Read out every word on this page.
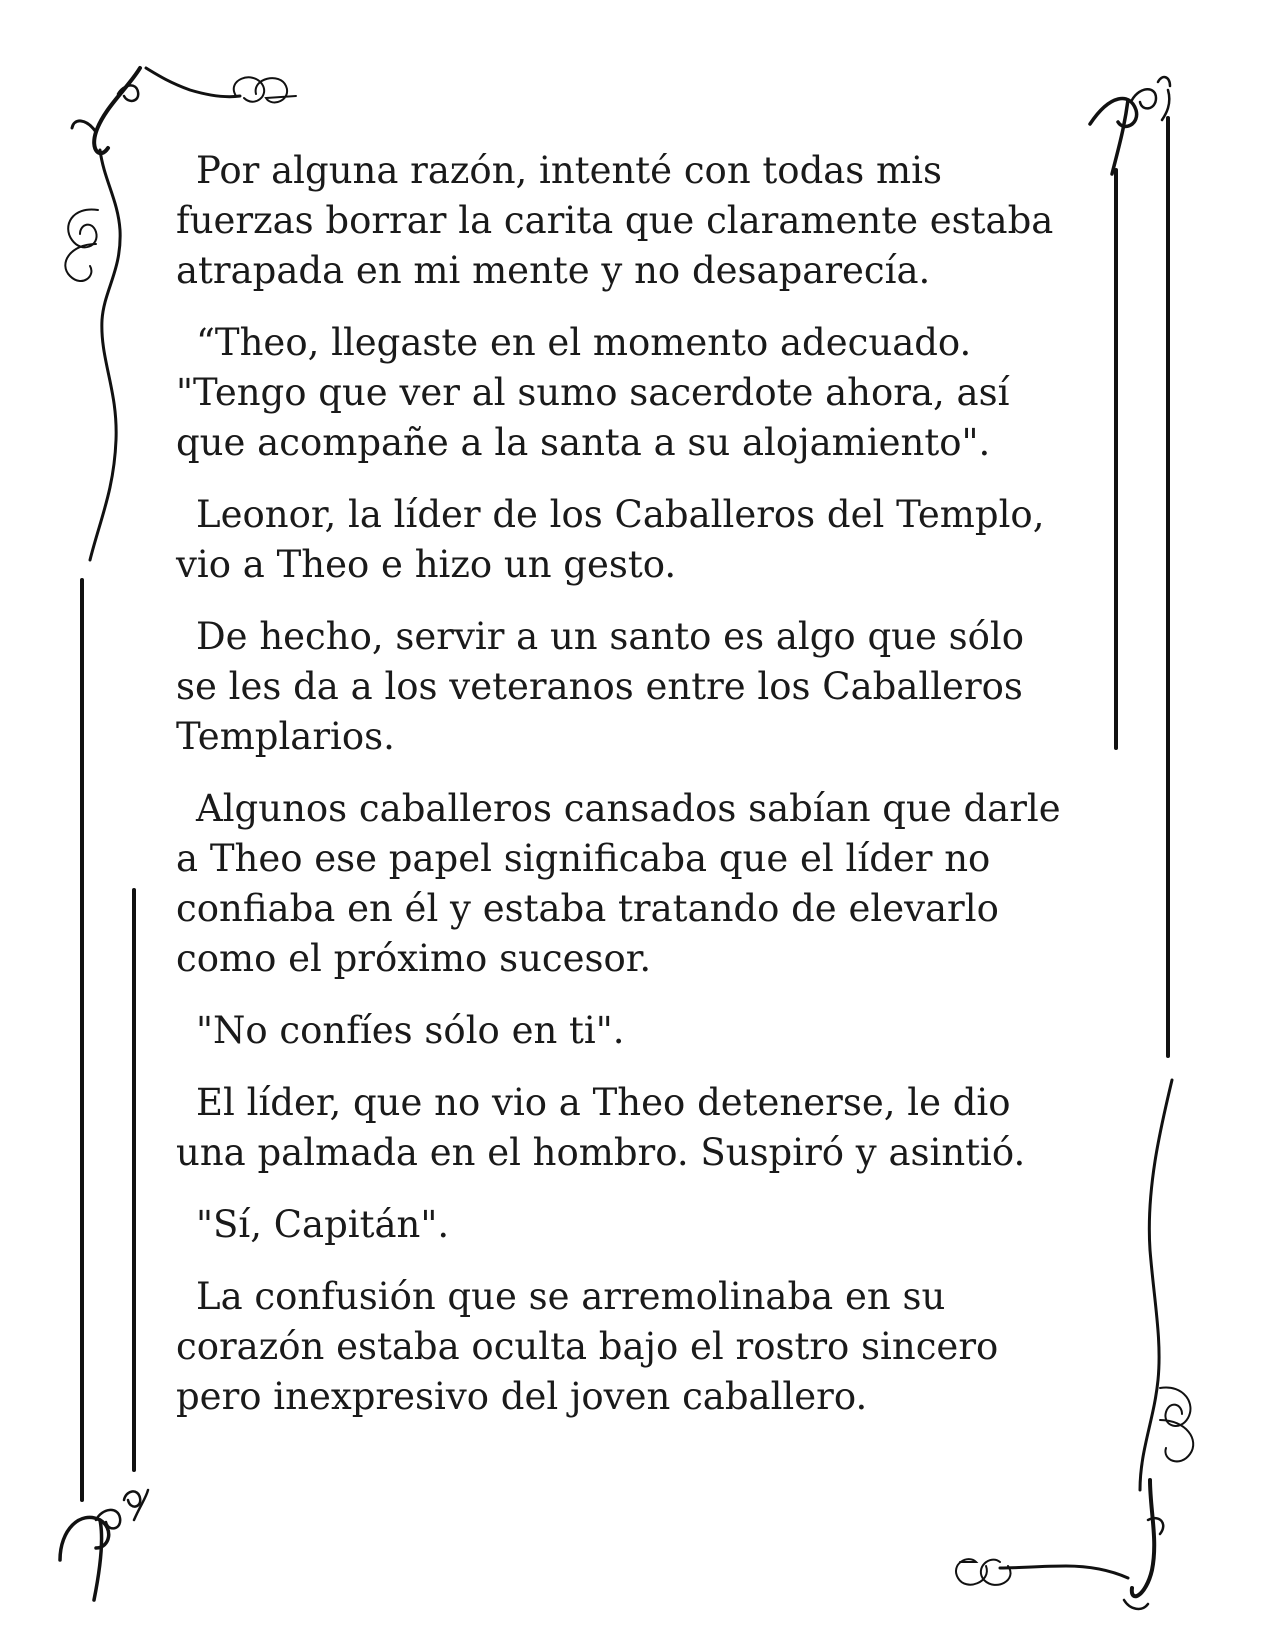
Por alguna razón, intenté con todas mis
fuerzas borrar la carita que claramente estaba
atrapada en mi mente y no desaparecía.

“Theo, llegaste en el momento adecuado.
"Tengo que ver al sumo sacerdote ahora, así
que acompañe a la santa a su alojamiento".

Leonor, la líder de los Caballeros del Templo,
vio a Theo e hizo un gesto.

De hecho, servir a un santo es algo que sólo
se les da a los veteranos entre los Caballeros
Templarios.

Algunos caballeros cansados sabían que darle
a Theo ese papel significaba que el líder no
confiaba en él y estaba tratando de elevarlo
como el próximo sucesor.

"No confíes sólo en ti".

El líder, que no vio a Theo detenerse, le dio
una palmada en el hombro. Suspiró y asintió.

"Sí, Capitán".

La confusión que se arremolinaba en su
corazón estaba oculta bajo el rostro sincero
pero inexpresivo del joven caballero.
